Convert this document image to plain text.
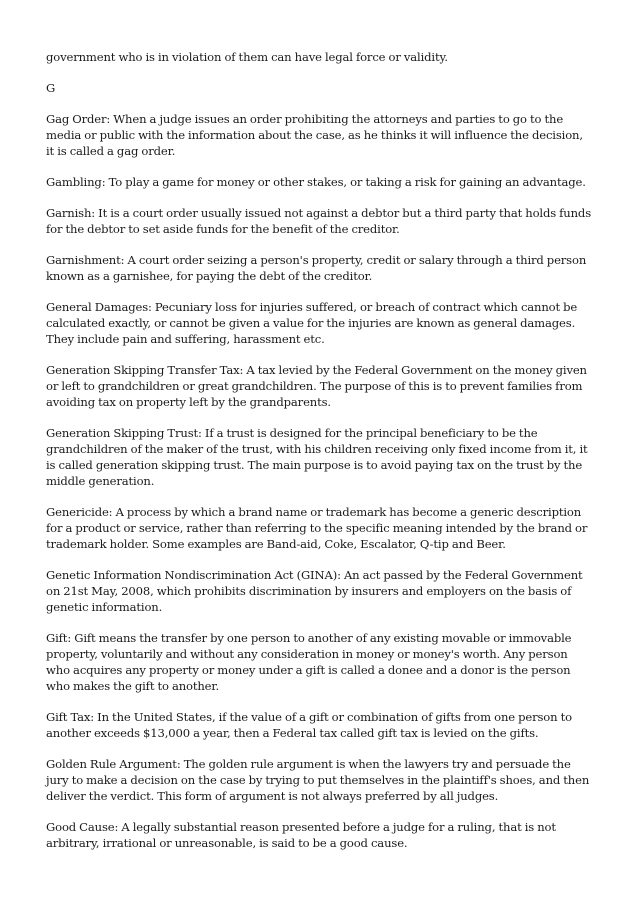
government who is in violation of them can have legal force or validity.

G

Gag Order: When a judge issues an order prohibiting the attorneys and parties to go to the media or public with the information about the case, as he thinks it will influence the decision, it is called a gag order.

Gambling: To play a game for money or other stakes, or taking a risk for gaining an advantage.

Garnish: It is a court order usually issued not against a debtor but a third party that holds funds for the debtor to set aside funds for the benefit of the creditor.

Garnishment: A court order seizing a person's property, credit or salary through a third person known as a garnishee, for paying the debt of the creditor.

General Damages: Pecuniary loss for injuries suffered, or breach of contract which cannot be calculated exactly, or cannot be given a value for the injuries are known as general damages. They include pain and suffering, harassment etc.

Generation Skipping Transfer Tax: A tax levied by the Federal Government on the money given or left to grandchildren or great grandchildren. The purpose of this is to prevent families from avoiding tax on property left by the grandparents.

Generation Skipping Trust: If a trust is designed for the principal beneficiary to be the grandchildren of the maker of the trust, with his children receiving only fixed income from it, it is called generation skipping trust. The main purpose is to avoid paying tax on the trust by the middle generation.

Genericide: A process by which a brand name or trademark has become a generic description for a product or service, rather than referring to the specific meaning intended by the brand or trademark holder. Some examples are Band-aid, Coke, Escalator, Q-tip and Beer.

Genetic Information Nondiscrimination Act (GINA): An act passed by the Federal Government on 21st May, 2008, which prohibits discrimination by insurers and employers on the basis of genetic information.

Gift: Gift means the transfer by one person to another of any existing movable or immovable property, voluntarily and without any consideration in money or money's worth. Any person who acquires any property or money under a gift is called a donee and a donor is the person who makes the gift to another.

Gift Tax: In the United States, if the value of a gift or combination of gifts from one person to another exceeds $13,000 a year, then a Federal tax called gift tax is levied on the gifts.

Golden Rule Argument: The golden rule argument is when the lawyers try and persuade the jury to make a decision on the case by trying to put themselves in the plaintiff's shoes, and then deliver the verdict. This form of argument is not always preferred by all judges.

Good Cause: A legally substantial reason presented before a judge for a ruling, that is not arbitrary, irrational or unreasonable, is said to be a good cause.
